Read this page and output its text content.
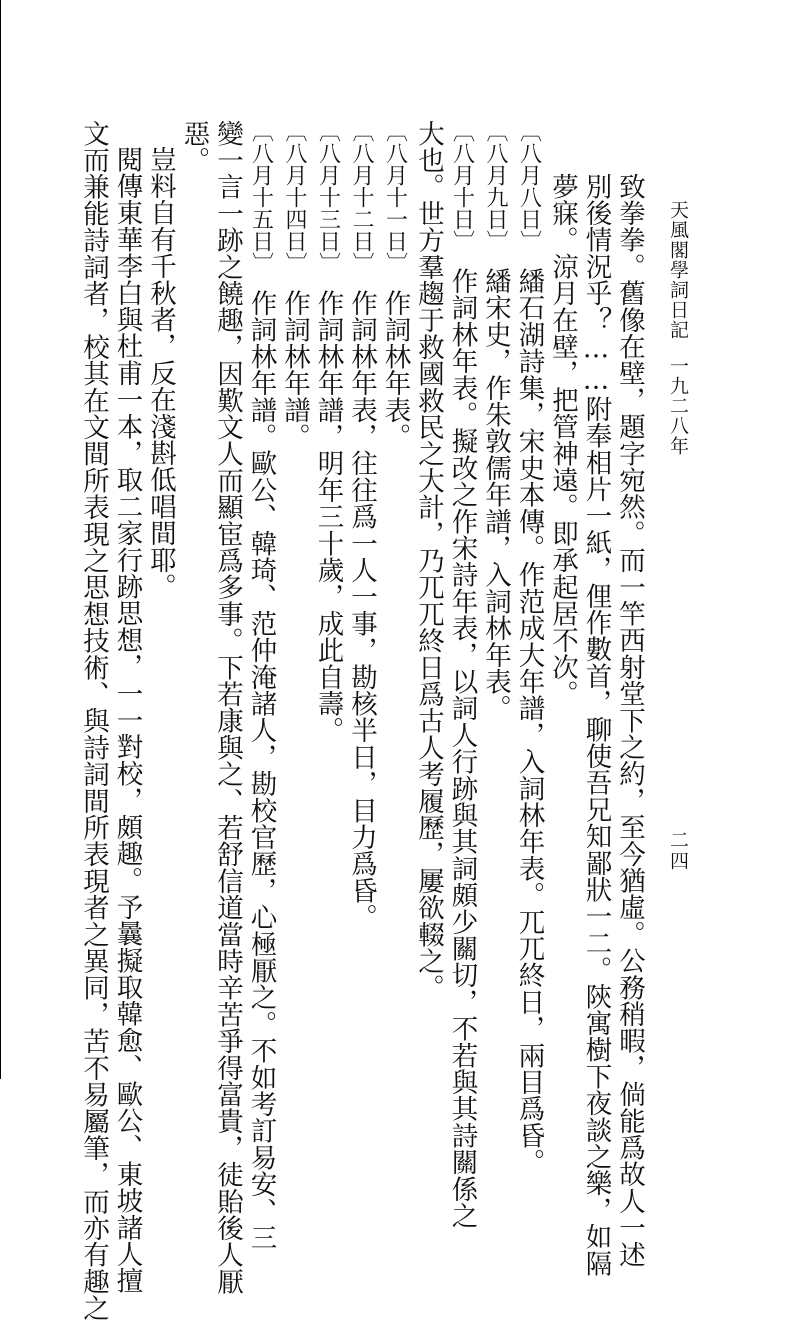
天風閣學詞日記一九二八年
二四

致拳拳。舊像在壁，題字宛然。而一竿西射堂下之約，至今猶虛。公務稍暇，倘能爲故人一述

別後情況乎？……附奉相片一紙，俚作數首，聊使吾兄知鄙狀一二。陝寓樹下夜談之樂，如隔

夢寐。涼月在壁，把管神遠。即承起居不次。

〔八月八日〕　繙石湖詩集，宋史本傳。作范成大年譜，入詞林年表。兀兀終日，兩目爲昏。

〔八月九日〕　繙宋史，作朱敦儒年譜，入詞林年表。

〔八月十日〕　作詞林年表。擬改之作宋詩年表，以詞人行跡與其詞頗少關切，不若與其詩關係之

大也。世方羣趨于救國救民之大計，乃兀兀終日爲古人考履歷，屢欲輟之。

〔八月十一日〕　作詞林年表。

〔八月十二日〕　作詞林年表，往往爲一人一事，勘核半日，目力爲昏。

〔八月十三日〕　作詞林年譜，明年三十歲，成此自壽。

〔八月十四日〕　作詞林年譜。

〔八月十五日〕　作詞林年譜。歐公、韓琦、范仲淹諸人，勘校官歷，心極厭之。不如考訂易安、三

變一言一跡之饒趣，因歎文人而顯宦爲多事。下若康與之、若舒信道當時辛苦爭得富貴，徒貽後人厭

惡。

豈料自有千秋者，反在淺斟低唱間耶。

閱傳東華李白與杜甫一本，取二家行跡思想，一一對校，頗趣。予曩擬取韓愈、歐公、東坡諸人擅

文而兼能詩詞者，校其在文間所表現之思想技術、與詩詞間所表現者之異同，苦不易屬筆，而亦有趣之
